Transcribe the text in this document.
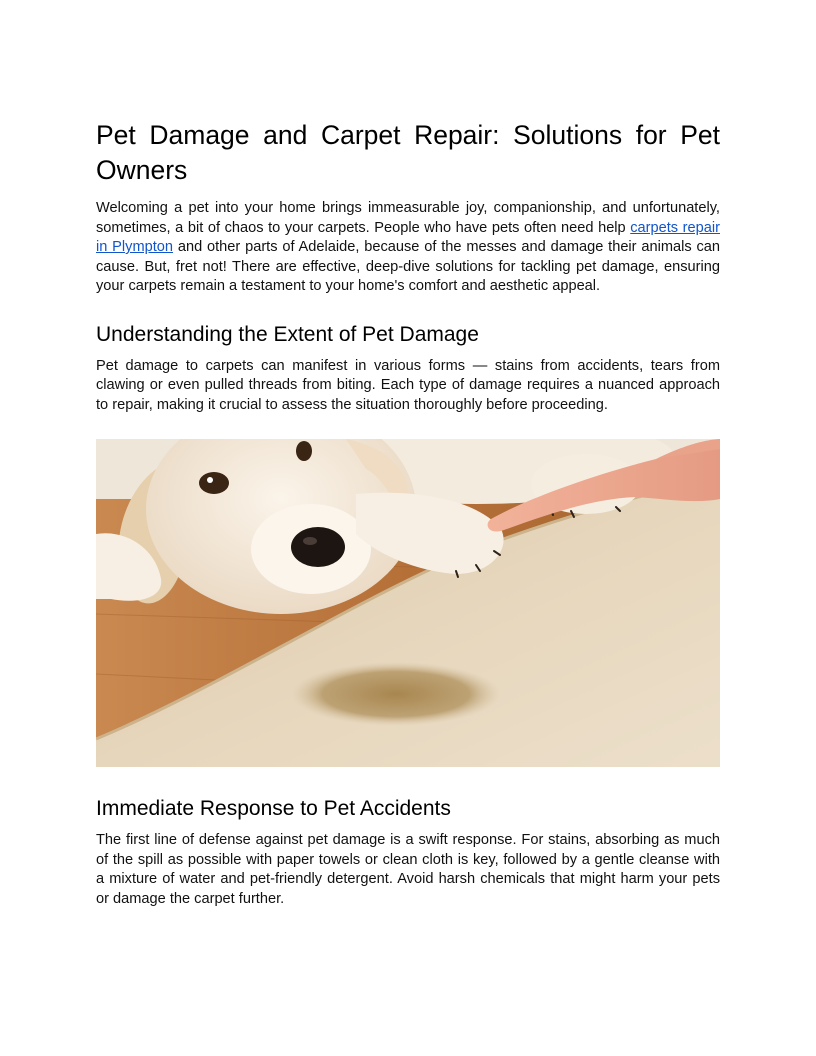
Pet Damage and Carpet Repair: Solutions for Pet Owners

Welcoming a pet into your home brings immeasurable joy, companionship, and unfortunately, sometimes, a bit of chaos to your carpets. People who have pets often need help carpets repair in Plympton and other parts of Adelaide, because of the messes and damage their animals can cause. But, fret not! There are effective, deep-dive solutions for tackling pet damage, ensuring your carpets remain a testament to your home's comfort and aesthetic appeal.

Understanding the Extent of Pet Damage

Pet damage to carpets can manifest in various forms — stains from accidents, tears from clawing or even pulled threads from biting. Each type of damage requires a nuanced approach to repair, making it crucial to assess the situation thoroughly before proceeding.

Immediate Response to Pet Accidents

The first line of defense against pet damage is a swift response. For stains, absorbing as much of the spill as possible with paper towels or clean cloth is key, followed by a gentle cleanse with a mixture of water and pet-friendly detergent. Avoid harsh chemicals that might harm your pets or damage the carpet further.
